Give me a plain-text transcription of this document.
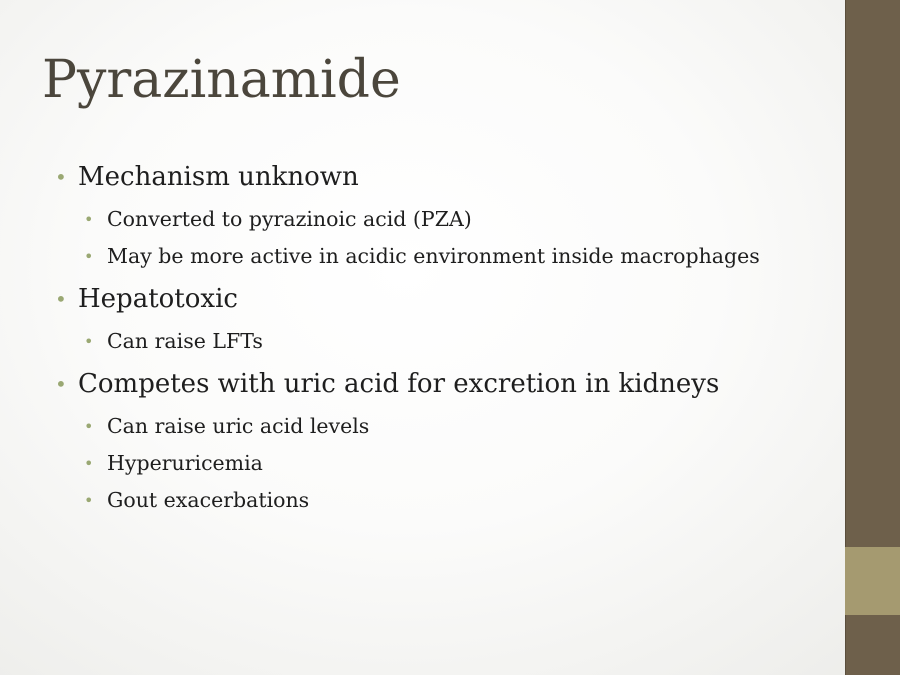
Pyrazinamide
• Mechanism unknown
• Converted to pyrazinoic acid (PZA)
• May be more active in acidic environment inside macrophages
• Hepatotoxic
• Can raise LFTs
• Competes with uric acid for excretion in kidneys
• Can raise uric acid levels
• Hyperuricemia
• Gout exacerbations
